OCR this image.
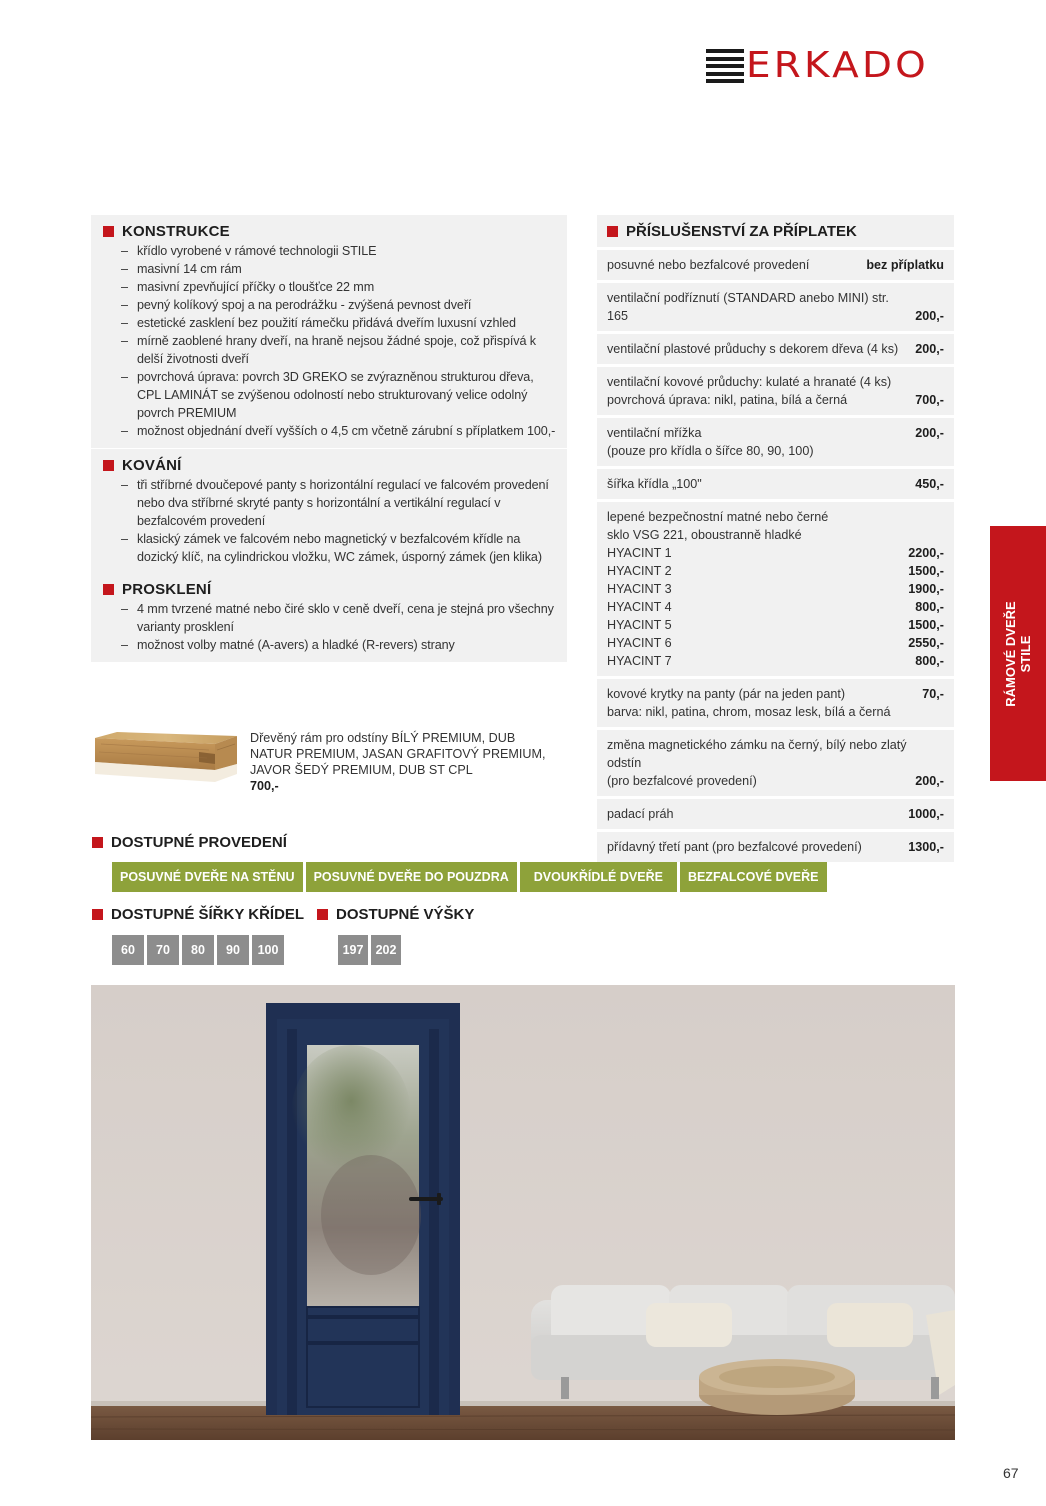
ERKADO
KONSTRUKCE
– křídlo vyrobené v rámové technologii STILE
– masivní 14 cm rám
– masivní zpevňující příčky o tloušťce 22 mm
– pevný kolíkový spoj a na perodrážku - zvýšená pevnost dveří
– estetické zasklení bez použití rámečku přidává dveřím luxusní vzhled
– mírně zaoblené hrany dveří, na hraně nejsou žádné spoje, což přispívá k delší životnosti dveří
– povrchová úprava: povrch 3D GREKO se zvýrazněnou strukturou dřeva, CPL LAMINÁT se zvýšenou odolností nebo strukturovaný velice odolný povrch PREMIUM
– možnost objednání dveří vyšších o 4,5 cm včetně zárubní s příplatkem 100,-
KOVÁNÍ
– tři stříbrné dvoučepové panty s horizontální regulací ve falcovém provedení nebo dva stříbrné skryté panty s horizontální a vertikální regulací v bezfalcovém provedení
– klasický zámek ve falcovém nebo magnetický v bezfalcovém křídle na dozický klíč, na cylindrickou vložku, WC zámek, úsporný zámek (jen klika)
PROSKLENÍ
– 4 mm tvrzené matné nebo čiré sklo v ceně dveří, cena je stejná pro všechny varianty prosklení
– možnost volby matné (A-avers) a hladké (R-revers) strany
PŘÍSLUŠENSTVÍ ZA PŘÍPLATEK
posuvné nebo bezfalcové provedení	bez příplatku
ventilační podříznutí (STANDARD anebo MINI) str. 165	200,-
ventilační plastové průduchy s dekorem dřeva (4 ks)	200,-
ventilační kovové průduchy: kulaté a hranaté (4 ks)
povrchová úprava: nikl, patina, bílá a černá	700,-
ventilační mřížka
(pouze pro křídla o šířce 80, 90, 100)
200,-
šířka křídla „100"	450,-
lepené bezpečnostní matné nebo černé
sklo VSG 221, oboustranně hladké
HYACINT 1	2200,-
HYACINT 2	1500,-
HYACINT 3	1900,-
HYACINT 4	800,-
HYACINT 5	1500,-
HYACINT 6	2550,-
HYACINT 7	800,-
kovové krytky na panty (pár na jeden pant)
barva: nikl, patina, chrom, mosaz lesk, bílá a černá
70,-
změna magnetického zámku na černý, bílý nebo zlatý odstín
(pro bezfalcové provedení)	200,-
padací práh	1000,-
přídavný třetí pant (pro bezfalcové provedení)	1300,-
RÁMOVÉ DVEŘE STILE
Dřevěný rám pro odstíny BÍLÝ PREMIUM, DUB NATUR PREMIUM, JASAN GRAFITOVÝ PREMIUM, JAVOR ŠEDÝ PREMIUM, DUB ST CPL
700,-
DOSTUPNÉ PROVEDENÍ
POSUVNÉ DVEŘE NA STĚNU	POSUVNÉ DVEŘE DO POUZDRA	DVOUKŘÍDLÉ DVEŘE	BEZFALCOVÉ DVEŘE
DOSTUPNÉ ŠÍŘKY KŘÍDEL
60	70	80	90	100
DOSTUPNÉ VÝŠKY
197 202
67
